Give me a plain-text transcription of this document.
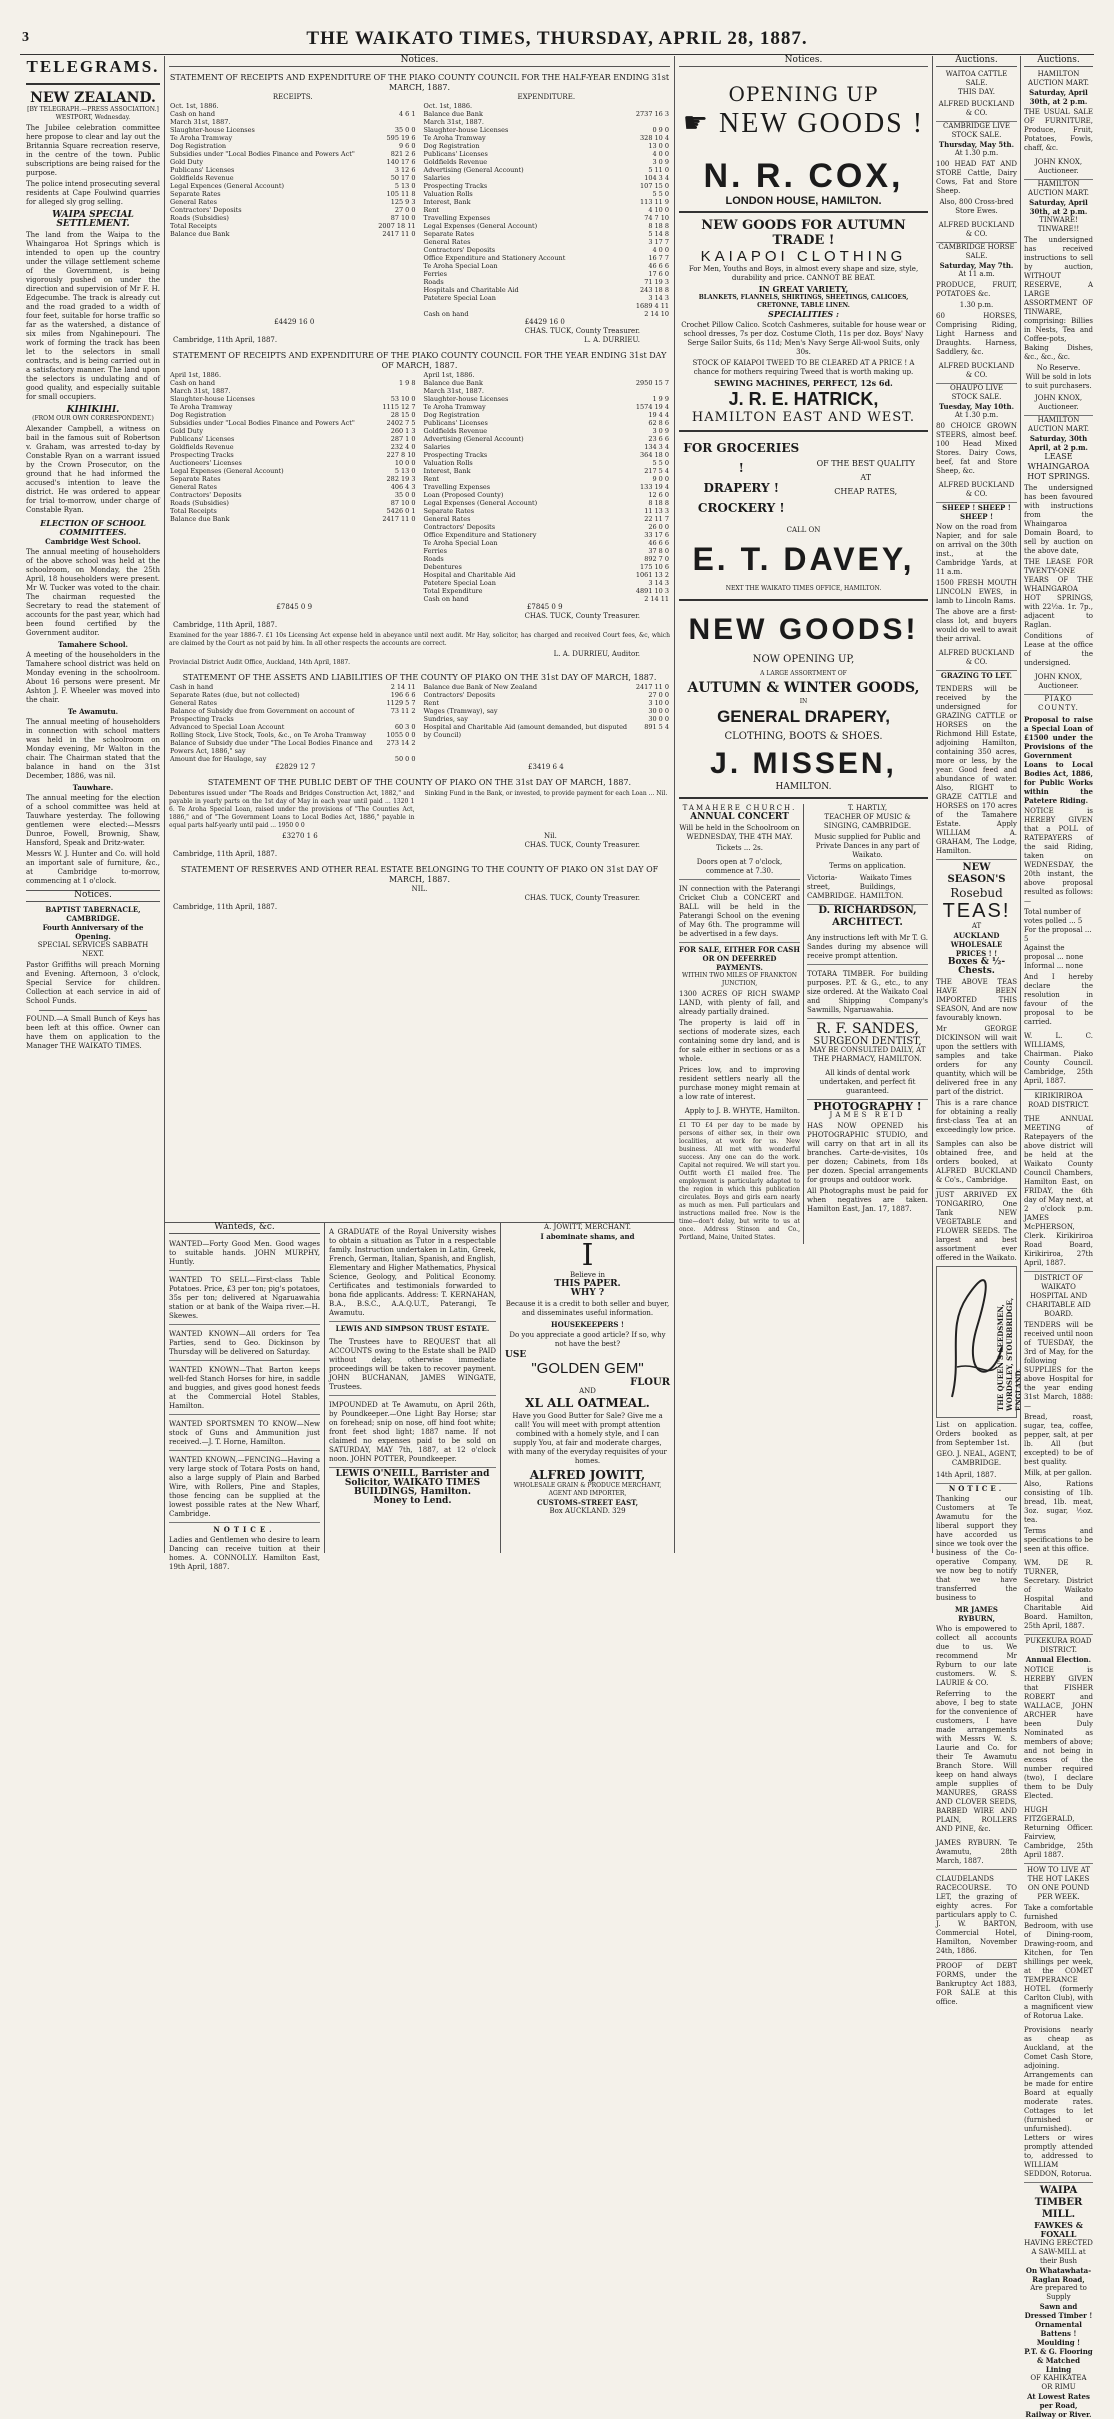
3	THE WAIKATO TIMES, THURSDAY, APRIL 28, 1887.
TELEGRAMS.
NEW ZEALAND.
[BY TELEGRAPH.—PRESS ASSOCIATION.]
WESTPORT, Wednesday.

The Jubilee celebration committee here propose to clear and lay out the Britannia Square recreation reserve, in the centre of the town. Public subscriptions are being raised for the purpose.

The police intend prosecuting several residents at Cape Foulwind quarries for alleged sly grog selling.

WAIPA SPECIAL SETTLEMENT.

The land from the Waipa to the Whaingaroa Hot Springs which is intended to open up the country under the village settlement scheme of the Government, is being vigorously pushed on under the direction and supervision of Mr F. H. Edgecumbe. The track is already cut and the road graded to a width of four feet, suitable for horse traffic so far as the watershed, a distance of six miles from Ngahinepouri. The work of forming the track has been let to the selectors in small contracts, and is being carried out in a satisfactory manner. The land upon the selectors is undulating and of good quality, and especially suitable for small occupiers.

KIHIKIHI.
(FROM OUR OWN CORRESPONDENT.)

Alexander Campbell, a witness on bail in the famous suit of Robertson v. Graham, was arrested to-day by Constable Ryan on a warrant issued by the Crown Prosecutor, on the ground that he had informed the accused's intention to leave the district. He was ordered to appear for trial to-morrow, under charge of Constable Ryan.

ELECTION OF SCHOOL COMMITTEES.
Cambridge West School.

The annual meeting of householders of the above school was held at the schoolroom, on Monday, the 25th April, 18 householders were present. Mr W. Tucker was voted to the chair. The chairman requested the Secretary to read the statement of accounts for the past year, which had been found certified by the Government auditor.

Tamahere School.

A meeting of the householders in the Tamahere school district was held on Monday evening in the schoolroom. About 16 persons were present. Mr Ashton J. F. Wheeler was moved into the chair.

Te Awamutu.

The annual meeting of householders in connection with school matters was held in the schoolroom on Monday evening, Mr Walton in the chair. The Chairman stated that the balance in hand on the 31st December, 1886, was nil.

Tauwhare.

The annual meeting for the election of a school committee was held at Tauwhare yesterday. The following gentlemen were elected:—Messrs Dunroe, Fowell, Brownig, Shaw, Hansford, Speak and Dritz-water.

Messrs W. J. Hunter and Co. will hold an important sale of furniture, &c., at Cambridge to-morrow, commencing at 1 o'clock.

Notices.
BAPTIST TABERNACLE, CAMBRIDGE.
Fourth Anniversary of the Opening.
SPECIAL SERVICES SABBATH NEXT.

Pastor Griffiths will preach Morning and Evening. Afternoon, 3 o'clock, Special Service for children. Collection at each service in aid of School Funds.

FOUND.—A Small Bunch of Keys has been left at this office. Owner can have them on application to the Manager THE WAIKATO TIMES.

Notices.
STATEMENT OF RECEIPTS AND EXPENDITURE OF THE PIAKO COUNTY COUNCIL FOR THE HALF-YEAR ENDING 31st MARCH, 1887.
RECEIPTS.
Oct. 1st, 1886.	
Cash on hand	4 6 1
March 31st, 1887.	
Slaughter-house Licenses	35 0 0
Te Aroha Tramway	595 19 6
Dog Registration	9 6 0
Subsidies under "Local Bodies Finance and Powers Act"	821 2 6
Gold Duty	140 17 6
Publicans' Licenses	3 12 6
Goldfields Revenue	50 17 0
Legal Expences (General Account)	5 13 0
Separate Rates	105 11 8
General Rates	125 9 3
Contractors' Deposits	27 0 0
Roads (Subsidies)	87 10 0
Total Receipts	2007 18 11
Balance due Bank	2417 11 0
EXPENDITURE.
Oct. 1st, 1886.	
Balance due Bank	2737 16 3
March 31st, 1887.	
Slaughter-house Licenses	0 9 0
Te Aroha Tramway	328 10 4
Dog Registration	13 0 0
Publicans' Licenses	4 0 0
Goldfields Revenue	3 0 9
Advertising (General Account)	5 11 0
Salaries	104 3 4
Prospecting Tracks	107 15 0
Valuation Rolls	5 5 0
Interest, Bank	113 11 9
Rent	4 10 0
Travelling Expenses	74 7 10
Legal Expenses (General Account)	8 18 8
Separate Rates	5 14 8
General Rates	3 17 7
Contractors' Deposits	4 0 0
Office Expenditure and Stationery Account	16 7 7
Te Aroha Special Loan	46 6 6
Ferries	17 6 0
Roads	71 19 3
Hospitals and Charitable Aid	243 18 8
Patetere Special Loan	3 14 3
	1689 4 11
Cash on hand	2 14 10
£4429 16 0	£4429 16 0
CHAS. TUCK, County Treasurer.
Cambridge, 11th April, 1887.	L. A. DURRIEU.
STATEMENT OF RECEIPTS AND EXPENDITURE OF THE PIAKO COUNTY COUNCIL FOR THE YEAR ENDING 31st DAY OF MARCH, 1887.
April 1st, 1886.	
Cash on hand	1 9 8
March 31st, 1887.	
Slaughter-house Licenses	53 10 0
Te Aroha Tramway	1115 12 7
Dog Registration	28 15 0
Subsidies under "Local Bodies Finance and Powers Act"	2402 7 5
Gold Duty	260 1 3
Publicans' Licenses	287 1 0
Goldfields Revenue	232 4 0
Prospecting Tracks	227 8 10
Auctioneers' Licenses	10 0 0
Legal Expenses (General Account)	5 13 0
Separate Rates	282 19 3
General Rates	406 4 3
Contractors' Deposits	35 0 0
Roads (Subsidies)	87 10 0
Total Receipts	5426 0 1
Balance due Bank	2417 11 0
April 1st, 1886.	
Balance due Bank	2950 15 7
March 31st, 1887.	
Slaughter-house Licenses	1 9 9
Te Aroha Tramway	1574 19 4
Dog Registration	19 4 4
Publicans' Licenses	62 8 6
Goldfields Revenue	3 0 9
Advertising (General Account)	23 6 6
Salaries	134 3 4
Prospecting Tracks	364 18 0
Valuation Rolls	5 5 0
Interest, Bank	217 5 4
Rent	9 0 0
Travelling Expenses	133 19 4
Loan (Proposed County)	12 6 0
Legal Expenses (General Account)	8 18 8
Separate Rates	11 13 3
General Rates	22 11 7
Contractors' Deposits	26 0 0
Office Expenditure and Stationery	33 17 6
Te Aroha Special Loan	46 6 6
Ferries	37 8 0
Roads	892 7 0
Debentures	175 10 6
Hospital and Charitable Aid	1061 13 2
Patetere Special Loan	3 14 3
Total Expenditure	4891 10 3
Cash on hand	2 14 11
£7845 0 9	£7845 0 9
CHAS. TUCK, County Treasurer.
Cambridge, 11th April, 1887.

Examined for the year 1886-7. £1 10s Licensing Act expense held in abeyance until next audit. Mr Hay, solicitor, has charged and received Court fees, &c, which are claimed by the Court as not paid by him. In all other respects the accounts are correct.

L. A. DURRIEU, Auditor.
Provincial District Audit Office, Auckland, 14th April, 1887.
STATEMENT OF THE ASSETS AND LIABILITIES OF THE COUNTY OF PIAKO ON THE 31st DAY OF MARCH, 1887.
Cash in hand	2 14 11
Separate Rates (due, but not collected)	196 6 6
General Rates	1129 5 7
Balance of Subsidy due from Government on account of Prospecting Tracks	73 11 2
Advanced to Special Loan Account	60 3 0
Rolling Stock, Live Stock, Tools, &c., on Te Aroha Tramway	1055 0 0
Balance of Subsidy due under "The Local Bodies Finance and Powers Act, 1886," say	273 14 2
Amount due for Haulage, say	50 0 0
Balance due Bank of New Zealand	2417 11 0
Contractors' Deposits	27 0 0
Rent	3 10 0
Wages (Tramway), say	30 0 0
Sundries, say	30 0 0
Hospital and Charitable Aid (amount demanded, but disputed by Council)	891 5 4
£2829 12 7	£3419 6 4
STATEMENT OF THE PUBLIC DEBT OF THE COUNTY OF PIAKO ON THE 31st DAY OF MARCH, 1887.

Debentures issued under "The Roads and Bridges Construction Act, 1882," and payable in yearly parts on the 1st day of May in each year until paid ... 1320 1 6. Te Aroha Special Loan, raised under the provisions of "The Counties Act, 1886," and of "The Government Loans to Local Bodies Act, 1886," payable in equal parts half-yearly until paid ... 1950 0 0

Sinking Fund in the Bank, or invested, to provide payment for each Loan ... Nil.

£3270 1 6	Nil.
CHAS. TUCK, County Treasurer.
Cambridge, 11th April, 1887.
STATEMENT OF RESERVES AND OTHER REAL ESTATE BELONGING TO THE COUNTY OF PIAKO ON 31st DAY OF MARCH, 1887.
NIL.
CHAS. TUCK, County Treasurer.
Cambridge, 11th April, 1887.
Wanteds, &c.

WANTED—Forty Good Men. Good wages to suitable hands. JOHN MURPHY, Huntly.

WANTED TO SELL—First-class Table Potatoes. Price, £3 per ton; pig's potatoes, 35s per ton; delivered at Ngaruawahia station or at bank of the Waipa river.—H. Skewes.

WANTED KNOWN—All orders for Tea Parties, send to Geo. Dickinson by Thursday will be delivered on Saturday.

WANTED KNOWN—That Barton keeps well-fed Stanch Horses for hire, in saddle and buggies, and gives good honest feeds at the Commercial Hotel Stables, Hamilton.

WANTED SPORTSMEN TO KNOW—New stock of Guns and Ammunition just received.—J. T. Horne, Hamilton.

WANTED KNOWN,—FENCING—Having a very large stock of Totara Posts on hand, also a large supply of Plain and Barbed Wire, with Rollers, Pine and Staples, those fencing can be supplied at the lowest possible rates at the New Wharf, Cambridge.

NOTICE.

Ladies and Gentlemen who desire to learn Dancing can receive tuition at their homes. A. CONNOLLY. Hamilton East, 19th April, 1887.

A GRADUATE of the Royal University wishes to obtain a situation as Tutor in a respectable family. Instruction undertaken in Latin, Greek, French, German, Italian, Spanish, and English, Elementary and Higher Mathematics, Physical Science, Geology, and Political Economy. Certificates and testimonials forwarded to bona fide applicants. Address: T. KERNAHAN, B.A., B.S.C., A.A.Q.U.T., Paterangi, Te Awamutu.

LEWIS AND SIMPSON TRUST ESTATE.

The Trustees have to REQUEST that all ACCOUNTS owing to the Estate shall be PAID without delay, otherwise immediate proceedings will be taken to recover payment. JOHN BUCHANAN, JAMES WINGATE, Trustees.

IMPOUNDED at Te Awamutu, on April 26th, by Poundkeeper.—One Light Bay Horse; star on forehead; snip on nose, off hind foot white; front feet shod light; 1887 name. If not claimed no expenses paid to be sold on SATURDAY, MAY 7th, 1887, at 12 o'clock noon. JOHN POTTER, Poundkeeper.

LEWIS O'NEILL, Barrister and Solicitor, WAIKATO TIMES BUILDINGS, Hamilton.
Money to Lend.
A. JOWITT, MERCHANT.
I abominate shams, and
I
Believe in
THIS PAPER.
WHY ?

Because it is a credit to both seller and buyer, and disseminates useful information.

HOUSEKEEPERS !

Do you appreciate a good article? If so, why not have the best?

USE
"GOLDEN GEM"
FLOUR
AND
XL ALL OATMEAL.

Have you Good Butter for Sale? Give me a call! You will meet with prompt attention combined with a homely style, and I can supply You, at fair and moderate charges, with many of the everyday requisites of your homes.

ALFRED JOWITT,
WHOLESALE GRAIN & PRODUCE MERCHANT, AGENT AND IMPORTER,
CUSTOMS-STREET EAST,
Box AUCKLAND. 329
Notices.
OPENING UP
☛ NEW GOODS !
N. R. COX,
LONDON HOUSE, HAMILTON.
NEW GOODS FOR AUTUMN TRADE !
KAIAPOI CLOTHING

For Men, Youths and Boys, in almost every shape and size, style, durability and price. CANNOT BE BEAT.

IN GREAT VARIETY,
BLANKETS, FLANNELS, SHIRTINGS, SHEETINGS, CALICOES, CRETONNE, TABLE LINEN.
SPECIALITIES :

Crochet Pillow Calico. Scotch Cashmeres, suitable for house wear or school dresses, 7s per doz. Costume Cloth, 11s per doz. Boys' Navy Serge Sailor Suits, 6s 11d; Men's Navy Serge All-wool Suits, only 30s.

STOCK OF KAIAPOI TWEED TO BE CLEARED AT A PRICE ! A chance for mothers requiring Tweed that is worth making up.

SEWING MACHINES, PERFECT, 12s 6d.
J. R. E. HATRICK,
HAMILTON EAST AND WEST.
FOR GROCERIES !
DRAPERY !
CROCKERY !
OF THE BEST QUALITY
AT
CHEAP RATES,
CALL ON
E. T. DAVEY,
NEXT THE WAIKATO TIMES OFFICE, HAMILTON.
NEW GOODS!
NOW OPENING UP,
A LARGE ASSORTMENT OF
AUTUMN & WINTER GOODS,
IN
GENERAL DRAPERY,
CLOTHING, BOOTS & SHOES.
J. MISSEN,
HAMILTON.
TAMAHERE CHURCH.
ANNUAL CONCERT

Will be held in the Schoolroom on WEDNESDAY, THE 4TH MAY.

Tickets ... 2s.

Doors open at 7 o'clock, commence at 7.30.

IN connection with the Paterangi Cricket Club a CONCERT and BALL will be held in the Paterangi School on the evening of May 6th. The programme will be advertised in a few days.

FOR SALE, EITHER FOR CASH OR ON DEFERRED PAYMENTS.
WITHIN TWO MILES OF FRANKTON JUNCTION,

1300 ACRES OF RICH SWAMP LAND, with plenty of fall, and already partially drained.

The property is laid off in sections of moderate sizes, each containing some dry land, and is for sale either in sections or as a whole.

Prices low, and to improving resident settlers nearly all the purchase money might remain at a low rate of interest.

Apply to J. B. WHYTE, Hamilton.

£1 TO £4 per day to be made by persons of either sex, in their own localities, at work for us. New business. All met with wonderful success. Any one can do the work. Capital not required. We will start you. Outfit worth £1 mailed free. The employment is particularly adapted to the region in which this publication circulates. Boys and girls earn nearly as much as men. Full particulars and instructions mailed free. Now is the time—don't delay, but write to us at once. Address Stinson and Co., Portland, Maine, United States.

T. HARTLY,
TEACHER OF MUSIC & SINGING, CAMBRIDGE.

Music supplied for Public and Private Dances in any part of Waikato.

Terms on application.
Victoria-street, CAMBRIDGE.
Waikato Times Buildings, HAMILTON.
D. RICHARDSON, ARCHITECT.

Any instructions left with Mr T. G. Sandes during my absence will receive prompt attention.

TOTARA TIMBER. For building purposes. P.T. & G., etc., to any size ordered. At the Waikato Coal and Shipping Company's Sawmills, Ngaruawahia.

R. F. SANDES,
SURGEON DENTIST,
MAY BE CONSULTED DAILY, AT THE PHARMACY, HAMILTON.

All kinds of dental work undertaken, and perfect fit guaranteed.

PHOTOGRAPHY !
JAMES REID

HAS NOW OPENED his PHOTOGRAPHIC STUDIO, and will carry on that art in all its branches. Carte-de-visites, 10s per dozen; Cabinets, from 18s per dozen. Special arrangements for groups and outdoor work.

All Photographs must be paid for when negatives are taken. Hamilton East, Jan. 17, 1887.

Auctions.
WAITOA CATTLE SALE.
THIS DAY.
ALFRED BUCKLAND & CO.
CAMBRIDGE LIVE STOCK SALE.
Thursday, May 5th.
At 1.30 p.m.

100 HEAD FAT AND STORE Cattle, Dairy Cows, Fat and Store Sheep.

Also, 800 Cross-bred Store Ewes.

ALFRED BUCKLAND & CO.
CAMBRIDGE HORSE SALE.
Saturday, May 7th.
At 11 a.m.

PRODUCE, FRUIT, POTATOES &c.

1.30 p.m.

60 HORSES, Comprising Riding, Light Harness and Draughts. Harness, Saddlery, &c.

ALFRED BUCKLAND & CO.
OHAUPO LIVE STOCK SALE.
Tuesday, May 10th.
At 1.30 p.m.

80 CHOICE GROWN STEERS, almost beef. 100 Head Mixed Stores. Dairy Cows, beef, fat and Store Sheep, &c.

ALFRED BUCKLAND & CO.
SHEEP ! SHEEP ! SHEEP !

Now on the road from Napier, and for sale on arrival on the 30th inst., at the Cambridge Yards, at 11 a.m.

1500 FRESH MOUTH LINCOLN EWES, in lamb to Lincoln Rams.

The above are a first-class lot, and buyers would do well to await their arrival.

ALFRED BUCKLAND & CO.
GRAZING TO LET.

TENDERS will be received by the undersigned for GRAZING CATTLE or HORSES on the Richmond Hill Estate, adjoining Hamilton, containing 350 acres, more or less, by the year. Good feed and abundance of water. Also, RIGHT to GRAZE CATTLE and HORSES on 170 acres of the Tamahere Estate. Apply WILLIAM A. GRAHAM, The Lodge, Hamilton.

NEW SEASON'S
Rosebud
TEAS!
AT
AUCKLAND WHOLESALE PRICES ! !
Boxes & ½-Chests.

THE ABOVE TEAS HAVE BEEN IMPORTED THIS SEASON, And are now favourably known.

Mr GEORGE DICKINSON will wait upon the settlers with samples and take orders for any quantity, which will be delivered free in any part of the district.

This is a rare chance for obtaining a really first-class Tea at an exceedingly low price.

Samples can also be obtained free, and orders booked, at ALFRED BUCKLAND & Co's., Cambridge.

JUST ARRIVED EX TONGARIRO, One Tank NEW VEGETABLE and FLOWER SEEDS. The largest and best assortment ever offered in the Waikato.

THE QUEEN'S SEEDSMEN, WORDSLEY, STOURBRIDGE, ENGLAND.

List on application. Orders booked as from September 1st.

GEO. J. NEAL, AGENT, CAMBRIDGE.
14th April, 1887.
NOTICE.

Thanking our Customers at Te Awamutu for the liberal support they have accorded us since we took over the business of the Co-operative Company, we now beg to notify that we have transferred the business to

MR JAMES RYBURN,

Who is empowered to collect all accounts due to us. We recommend Mr Ryburn to our late customers. W. S. LAURIE & CO.

Referring to the above, I beg to state for the convenience of customers, I have made arrangements with Messrs W. S. Laurie and Co. for their Te Awamutu Branch Store. Will keep on hand always ample supplies of MANURES, GRASS AND CLOVER SEEDS, BARBED WIRE AND PLAIN, ROLLERS AND PINE, &c.

JAMES RYBURN. Te Awamutu, 28th March, 1887.

CLAUDELANDS RACECOURSE. TO LET, the grazing of eighty acres. For particulars apply to C. J. W. BARTON, Commercial Hotel, Hamilton, November 24th, 1886.

PROOF of DEBT FORMS, under the Bankruptcy Act 1883, FOR SALE at this office.

Auctions.
HAMILTON AUCTION MART.
Saturday, April 30th, at 2 p.m.

THE USUAL SALE OF FURNITURE, Produce, Fruit, Potatoes, Fowls, chaff, &c.

JOHN KNOX, Auctioneer.
HAMILTON AUCTION MART.
Saturday, April 30th, at 2 p.m.
TINWARE! TINWARE!!

The undersigned has received instructions to sell by auction, WITHOUT RESERVE, A LARGE ASSORTMENT OF TINWARE, comprising: Billies in Nests, Tea and Coffee-pots, Baking Dishes, &c., &c., &c.

No Reserve.
Will be sold in lots to suit purchasers.
JOHN KNOX, Auctioneer.
HAMILTON AUCTION MART.
Saturday, 30th April, at 2 p.m.
LEASE WHAINGAROA HOT SPRINGS.

The undersigned has been favoured with instructions from the Whaingaroa Domain Board, to sell by auction on the above date,

THE LEASE FOR TWENTY-ONE YEARS OF THE WHAINGAROA HOT SPRINGS, with 22½a. 1r. 7p., adjacent to Raglan.

Conditions of Lease at the office of the undersigned.

JOHN KNOX, Auctioneer.
PIAKO COUNTY.

Proposal to raise a Special Loan of £1500 under the Provisions of the Government Loans to Local Bodies Act, 1886, for Public Works within the Patetere Riding.

NOTICE is HEREBY GIVEN that a POLL of RATEPAYERS of the said Riding, taken on WEDNESDAY, the 20th instant, the above proposal resulted as follows:—

Total number of votes polled ... 5
For the proposal ... 5
Against the proposal ... none
Informal ... none

And I hereby declare the resolution in favour of the proposal to be carried.

W. L. C. WILLIAMS, Chairman. Piako County Council. Cambridge, 25th April, 1887.

KIRIKIRIROA ROAD DISTRICT.

THE ANNUAL MEETING of Ratepayers of the above district will be held at the Waikato County Council Chambers, Hamilton East, on FRIDAY, the 6th day of May next, at 2 o'clock p.m. JAMES McPHERSON, Clerk. Kirikiriroa Road Board, Kirikiriroa, 27th April, 1887.

DISTRICT OF WAIKATO HOSPITAL AND CHARITABLE AID BOARD.

TENDERS will be received until noon of TUESDAY, the 3rd of May, for the following SUPPLIES for the above Hospital for the year ending 31st March, 1888:—

Bread, roast, sugar, tea, coffee, pepper, salt, at per lb. All (but excepted) to be of best quality.

Milk, at per gallon.

Also, Rations consisting of 1lb. bread, 1lb. meat, 3oz. sugar, ½oz. tea.

Terms and specifications to be seen at this office.

WM. DE R. TURNER, Secretary. District of Waikato Hospital and Charitable Aid Board. Hamilton, 25th April, 1887.

PUKEKURA ROAD DISTRICT.
Annual Election.

NOTICE is HEREBY GIVEN that FISHER ROBERT and WALLACE, JOHN ARCHER have been Duly Nominated as members of above; and not being in excess of the number required (two), I declare them to be Duly Elected.

HUGH FITZGERALD, Returning Officer. Fairview, Cambridge, 25th April 1887.

HOW TO LIVE AT THE HOT LAKES ON ONE POUND PER WEEK.

Take a comfortable furnished Bedroom, with use of Dining-room, Drawing-room, and Kitchen, for Ten shillings per week, at the COMET TEMPERANCE HOTEL (formerly Carlton Club), with a magnificent view of Rotorua Lake.

Provisions nearly as cheap as Auckland, at the Comet Cash Store, adjoining. Arrangements can be made for entire Board at equally moderate rates. Cottages to let (furnished or unfurnished). Letters or wires promptly attended to, addressed to WILLIAM SEDDON, Rotorua.

WAIPA TIMBER MILL.
FAWKES & FOXALL
HAVING ERECTED A SAW-MILL at their Bush
On Whatawhata-Raglan Road,
Are prepared to Supply
Sawn and Dressed Timber !
Ornamental Battens !
Moulding !
P.T. & G. Flooring & Matched Lining
OF KAHIKATEA OR RIMU
At Lowest Rates per Road, Railway or River.
